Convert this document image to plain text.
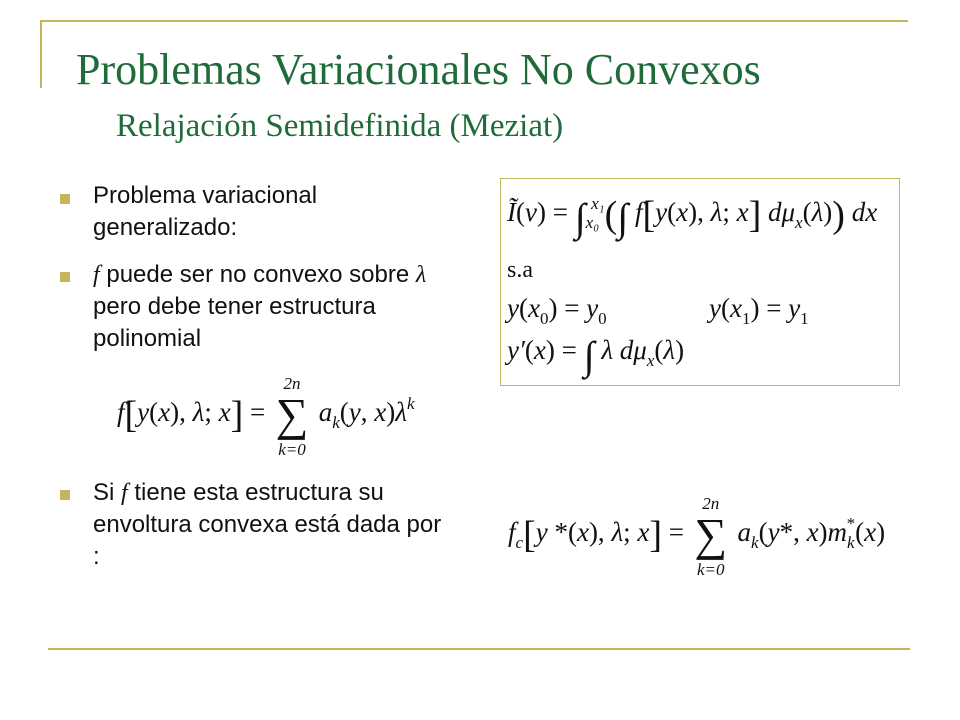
Problemas Variacionales No Convexos
Relajación Semidefinida (Meziat)
Problema variacional generalizado:
f puede ser no convexo sobre λ pero debe tener estructura polinomial
f[y(x), λ; x] =
2n
∑
k=0
$a_k(y$, $x)\lambda^k$
Si f tiene esta estructura su envoltura convexa está dada por :
Ĩ(ν) = $\int_{x_0}^{x_1}(\int$ f[y(x), λ; x] $d\mu_x(\lambda)$) dx
s.a
$y(x_0) = y_0$	$y(x_1) = y_1$
y′(x) = ∫ λ $d\mu_x(\lambda)$
$f_c[y$ *(x), λ; x] =
2n
∑
k=0
$a_k(y*$, $x)m_k^*(x)$
